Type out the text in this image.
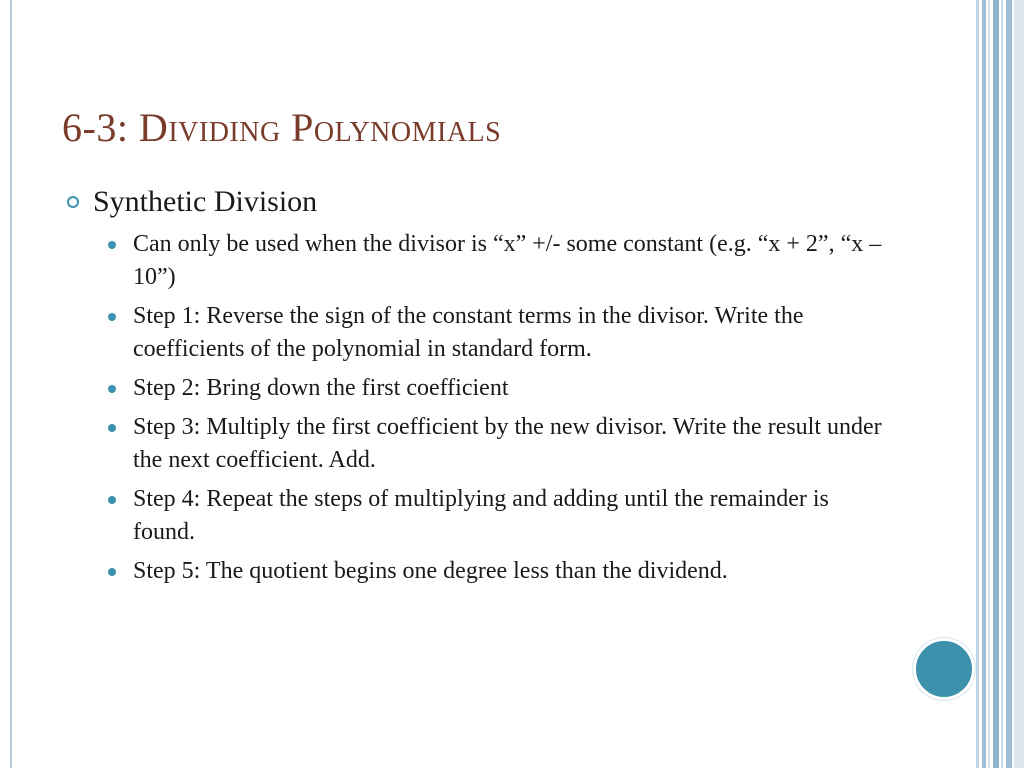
6-3: Dividing Polynomials
Synthetic Division
Can only be used when the divisor is “x” +/- some constant (e.g. “x + 2”, “x – 10”)
Step 1: Reverse the sign of the constant terms in the divisor. Write the coefficients of the polynomial in standard form.
Step 2: Bring down the first coefficient
Step 3: Multiply the first coefficient by the new divisor. Write the result under the next coefficient. Add.
Step 4: Repeat the steps of multiplying and adding until the remainder is found.
Step 5: The quotient begins one degree less than the dividend.
